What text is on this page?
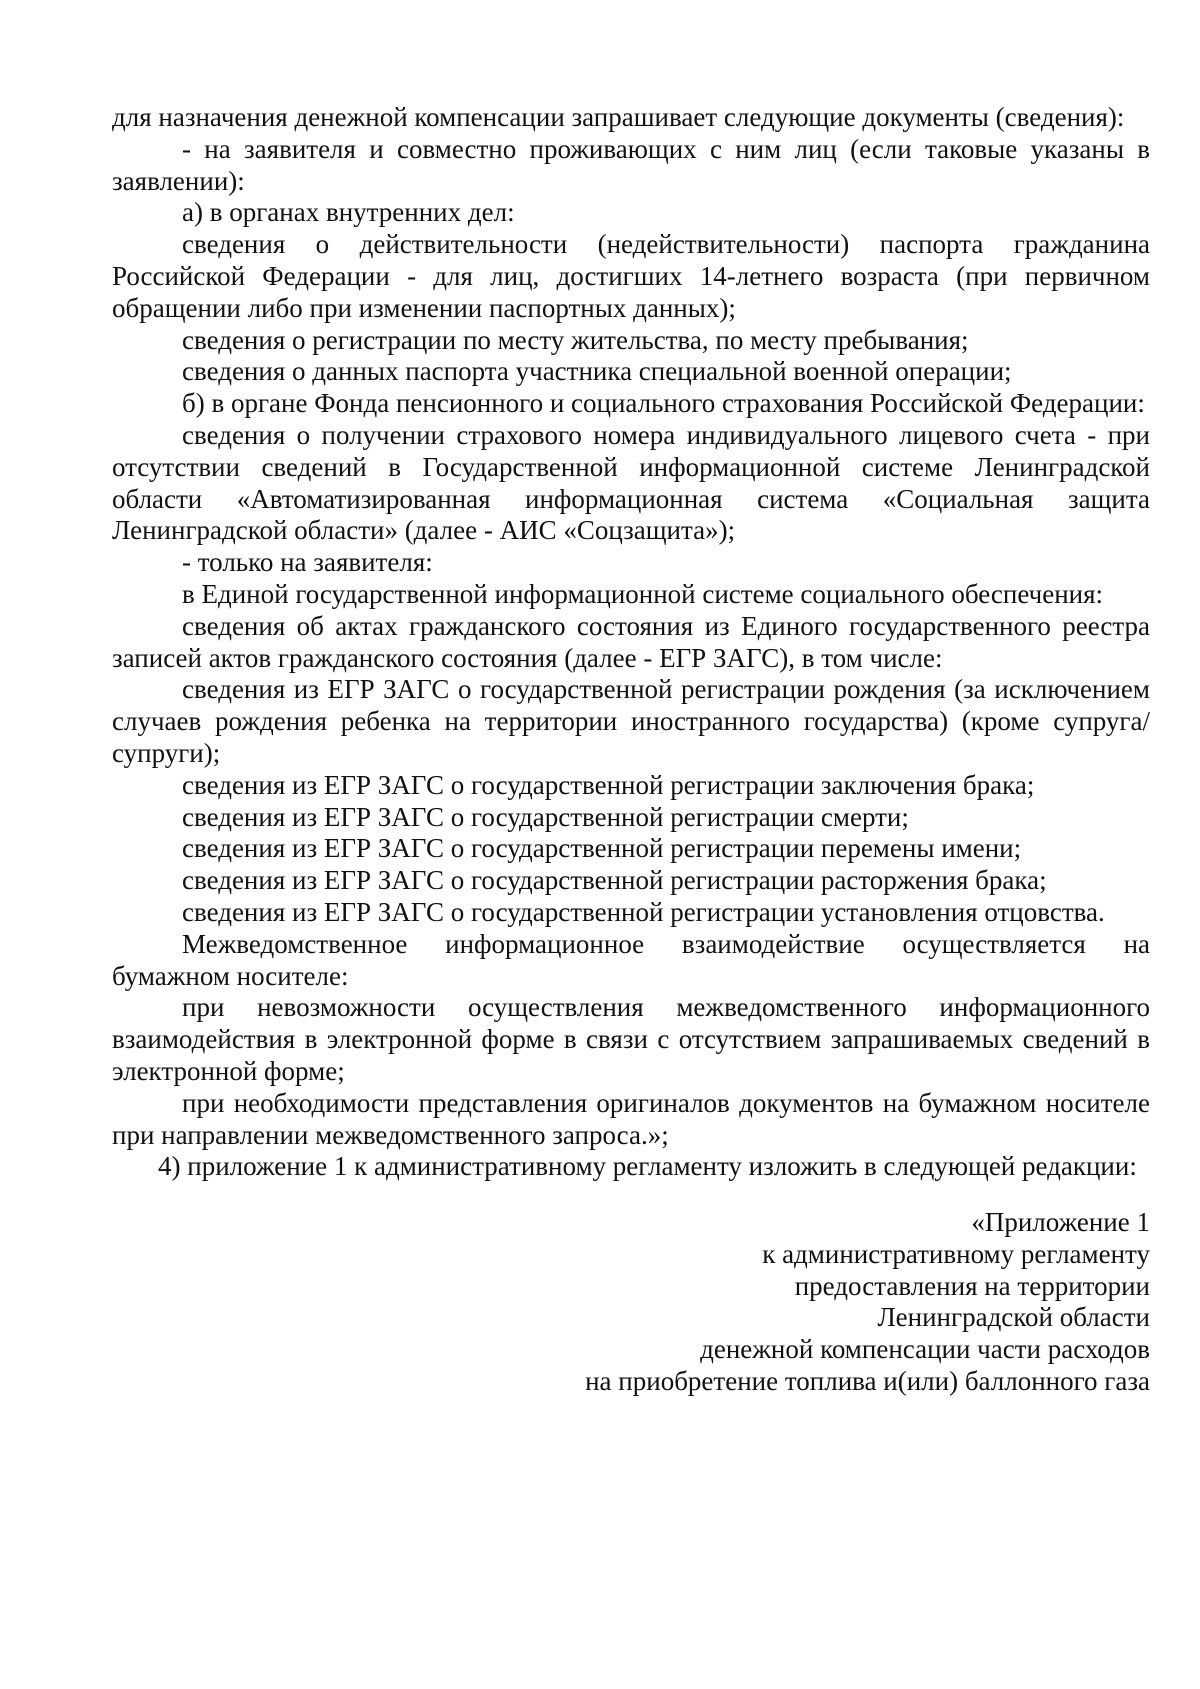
для назначения денежной компенсации запрашивает следующие документы (сведения):

- на заявителя и совместно проживающих с ним лиц (если таковые указаны в заявлении):

а) в органах внутренних дел:

сведения о действительности (недействительности) паспорта гражданина Российской Федерации - для лиц, достигших 14-летнего возраста (при первичном обращении либо при изменении паспортных данных);

сведения о регистрации по месту жительства, по месту пребывания;

сведения о данных паспорта участника специальной военной операции;

б) в органе Фонда пенсионного и социального страхования Российской Федерации:

сведения о получении страхового номера индивидуального лицевого счета - при отсутствии сведений в Государственной информационной системе Ленинградской области «Автоматизированная информационная система «Социальная защита Ленинградской области» (далее - АИС «Соцзащита»);

- только на заявителя:

в Единой государственной информационной системе социального обеспечения:

сведения об актах гражданского состояния из Единого государственного реестра записей актов гражданского состояния (далее - ЕГР ЗАГС), в том числе:

сведения из ЕГР ЗАГС о государственной регистрации рождения (за исключением случаев рождения ребенка на территории иностранного государства) (кроме супруга/супруги);

сведения из ЕГР ЗАГС о государственной регистрации заключения брака;

сведения из ЕГР ЗАГС о государственной регистрации смерти;

сведения из ЕГР ЗАГС о государственной регистрации перемены имени;

сведения из ЕГР ЗАГС о государственной регистрации расторжения брака;

сведения из ЕГР ЗАГС о государственной регистрации установления отцовства.

Межведомственное информационное взаимодействие осуществляется на бумажном носителе:

при невозможности осуществления межведомственного информационного взаимодействия в электронной форме в связи с отсутствием запрашиваемых сведений в электронной форме;

при необходимости представления оригиналов документов на бумажном носителе при направлении межведомственного запроса.»;

4) приложение 1 к административному регламенту изложить в следующей редакции:

«Приложение 1
к административному регламенту
предоставления на территории
Ленинградской области
денежной компенсации части расходов
на приобретение топлива и(или) баллонного газа
